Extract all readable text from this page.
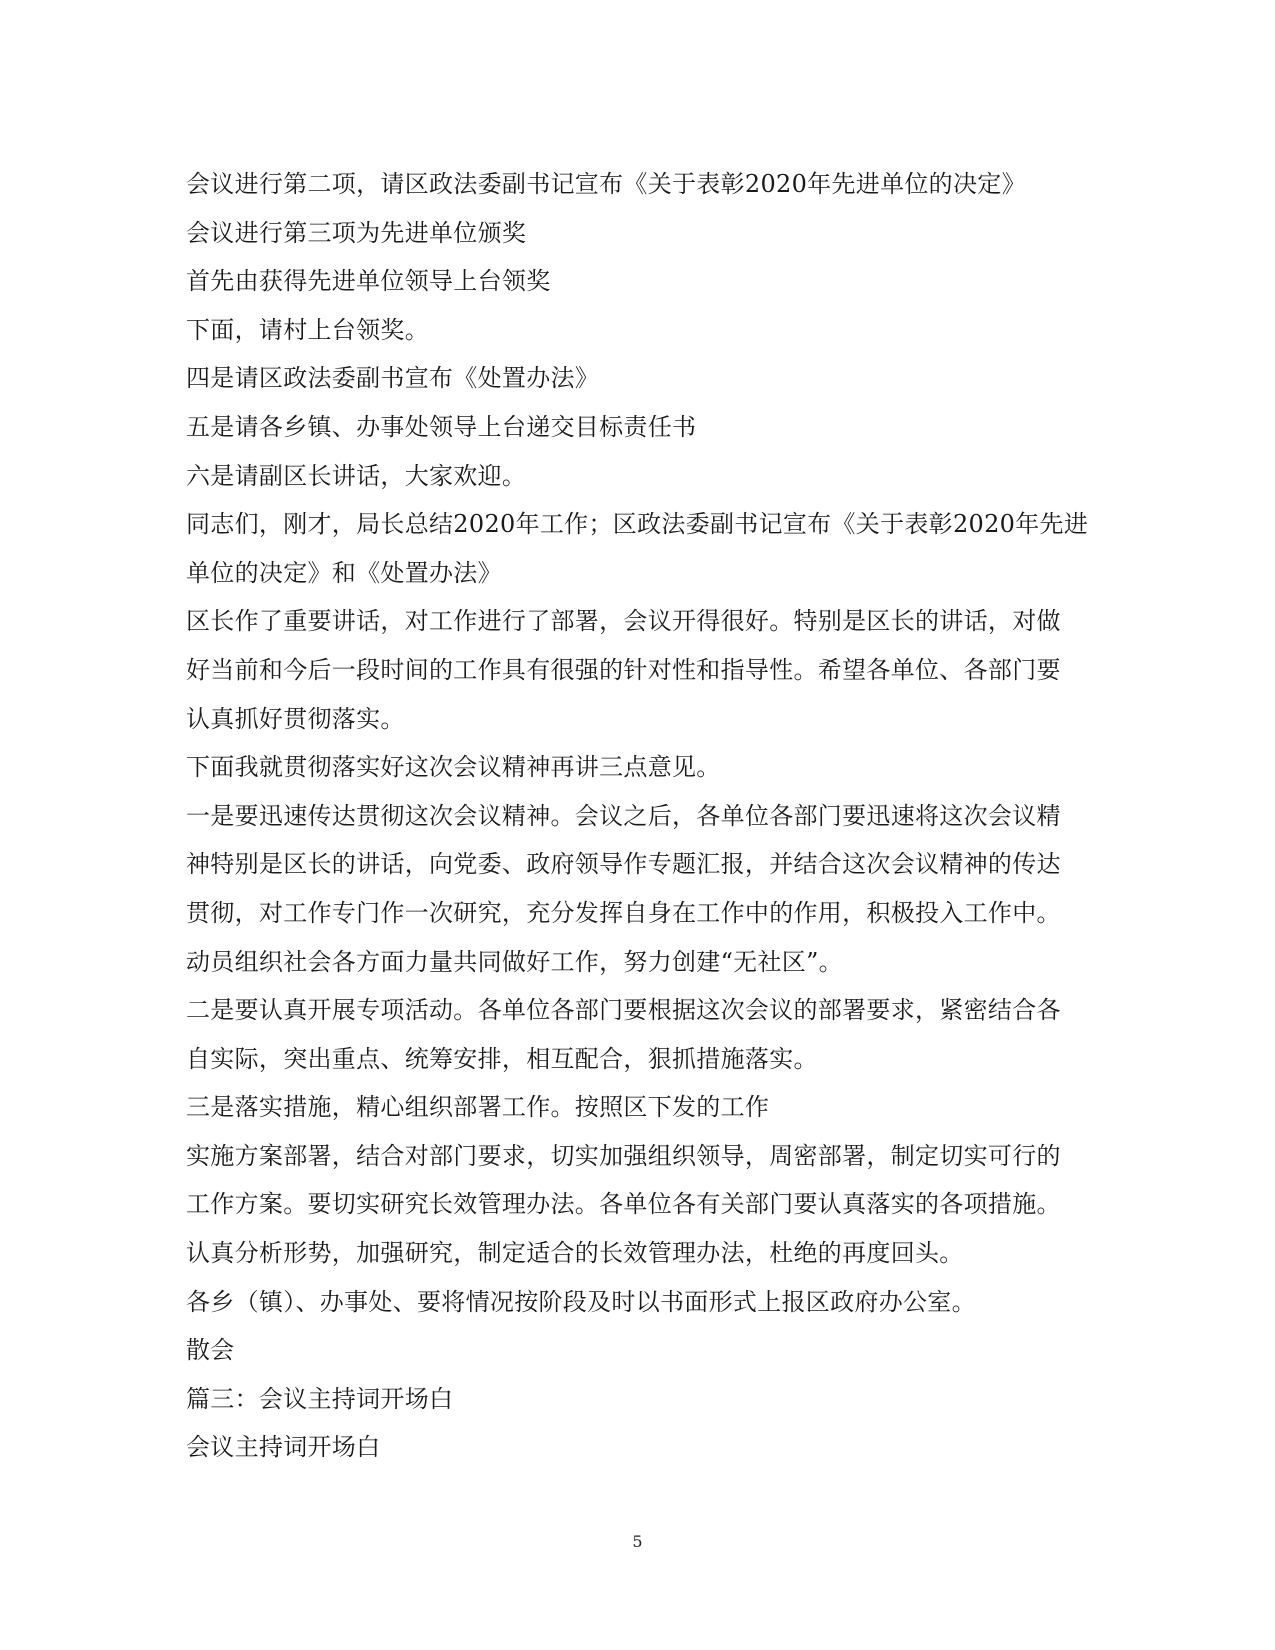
会议进行第二项，请区政法委副书记宣布《关于表彰2020年先进单位的决定》
会议进行第三项为先进单位颁奖
首先由获得先进单位领导上台领奖
下面，请村上台领奖。
四是请区政法委副书宣布《处置办法》
五是请各乡镇、办事处领导上台递交目标责任书
六是请副区长讲话，大家欢迎。
同志们，刚才，局长总结2020年工作；区政法委副书记宣布《关于表彰2020年先进
单位的决定》和《处置办法》
区长作了重要讲话，对工作进行了部署，会议开得很好。特别是区长的讲话，对做
好当前和今后一段时间的工作具有很强的针对性和指导性。希望各单位、各部门要
认真抓好贯彻落实。
下面我就贯彻落实好这次会议精神再讲三点意见。
一是要迅速传达贯彻这次会议精神。会议之后，各单位各部门要迅速将这次会议精
神特别是区长的讲话，向党委、政府领导作专题汇报，并结合这次会议精神的传达
贯彻，对工作专门作一次研究，充分发挥自身在工作中的作用，积极投入工作中。
动员组织社会各方面力量共同做好工作，努力创建“无社区”。
二是要认真开展专项活动。各单位各部门要根据这次会议的部署要求，紧密结合各
自实际，突出重点、统筹安排，相互配合，狠抓措施落实。
三是落实措施，精心组织部署工作。按照区下发的工作
实施方案部署，结合对部门要求，切实加强组织领导，周密部署，制定切实可行的
工作方案。要切实研究长效管理办法。各单位各有关部门要认真落实的各项措施。
认真分析形势，加强研究，制定适合的长效管理办法，杜绝的再度回头。
各乡（镇）、办事处、要将情况按阶段及时以书面形式上报区政府办公室。
散会
篇三：会议主持词开场白
会议主持词开场白
5
